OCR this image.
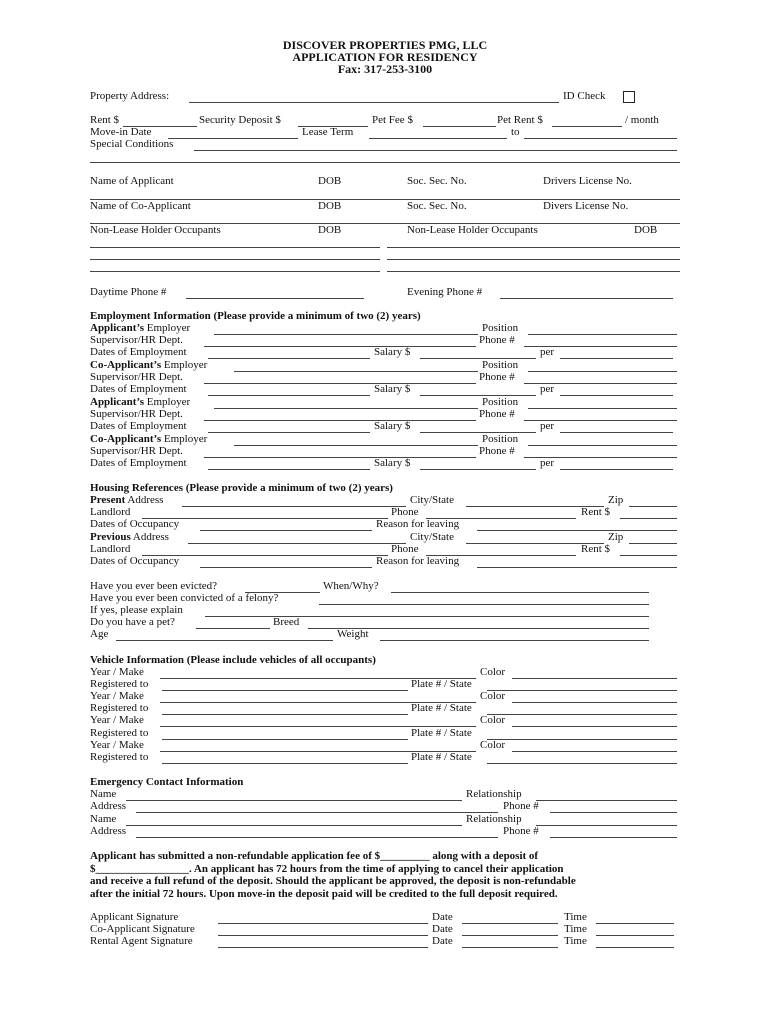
DISCOVER PROPERTIES PMG, LLC
APPLICATION FOR RESIDENCY
Fax: 317-253-3100
Property Address:	ID Check
Rent $	Security Deposit $	Pet Fee $	Pet Rent $	/ month
Move-in Date	Lease Term	to
Special Conditions
Name of Applicant	DOB	Soc. Sec. No.	Drivers License No.
Name of Co-Applicant	DOB	Soc. Sec. No.	Divers License No.
Non-Lease Holder Occupants	DOB	Non-Lease Holder Occupants	DOB
Daytime Phone #	Evening Phone #
Employment Information (Please provide a minimum of two (2) years)
Applicant’s Employer	Position
Supervisor/HR Dept.	Phone #
Dates of Employment	Salary $	per
Co-Applicant’s Employer	Position
Supervisor/HR Dept.	Phone #
Dates of Employment	Salary $	per
Applicant’s Employer	Position
Supervisor/HR Dept.	Phone #
Dates of Employment	Salary $	per
Co-Applicant’s Employer	Position
Supervisor/HR Dept.	Phone #
Dates of Employment	Salary $	per
Housing References (Please provide a minimum of two (2) years)
Present Address	City/State	Zip
Landlord	Phone	Rent $
Dates of Occupancy	Reason for leaving
Previous Address	City/State	Zip
Landlord	Phone	Rent $
Dates of Occupancy	Reason for leaving
Have you ever been evicted?	When/Why?
Have you ever been convicted of a felony?
If yes, please explain
Do you have a pet?	Breed
Age	Weight
Vehicle Information (Please include vehicles of all occupants)
Year / Make	Color
Registered to	Plate # / State
Year / Make	Color
Registered to	Plate # / State
Year / Make	Color
Registered to	Plate # / State
Year / Make	Color
Registered to	Plate # / State
Emergency Contact Information
Name	Relationship
Address	Phone #
Name	Relationship
Address	Phone #
Applicant has submitted a non-refundable application fee of $_________ along with a deposit of
$_________________. An applicant has 72 hours from the time of applying to cancel their application
and receive a full refund of the deposit. Should the applicant be approved, the deposit is non-refundable
after the initial 72 hours. Upon move-in the deposit paid will be credited to the full deposit required.
Applicant Signature	Date	Time
Co-Applicant Signature	Date	Time
Rental Agent Signature	Date	Time
